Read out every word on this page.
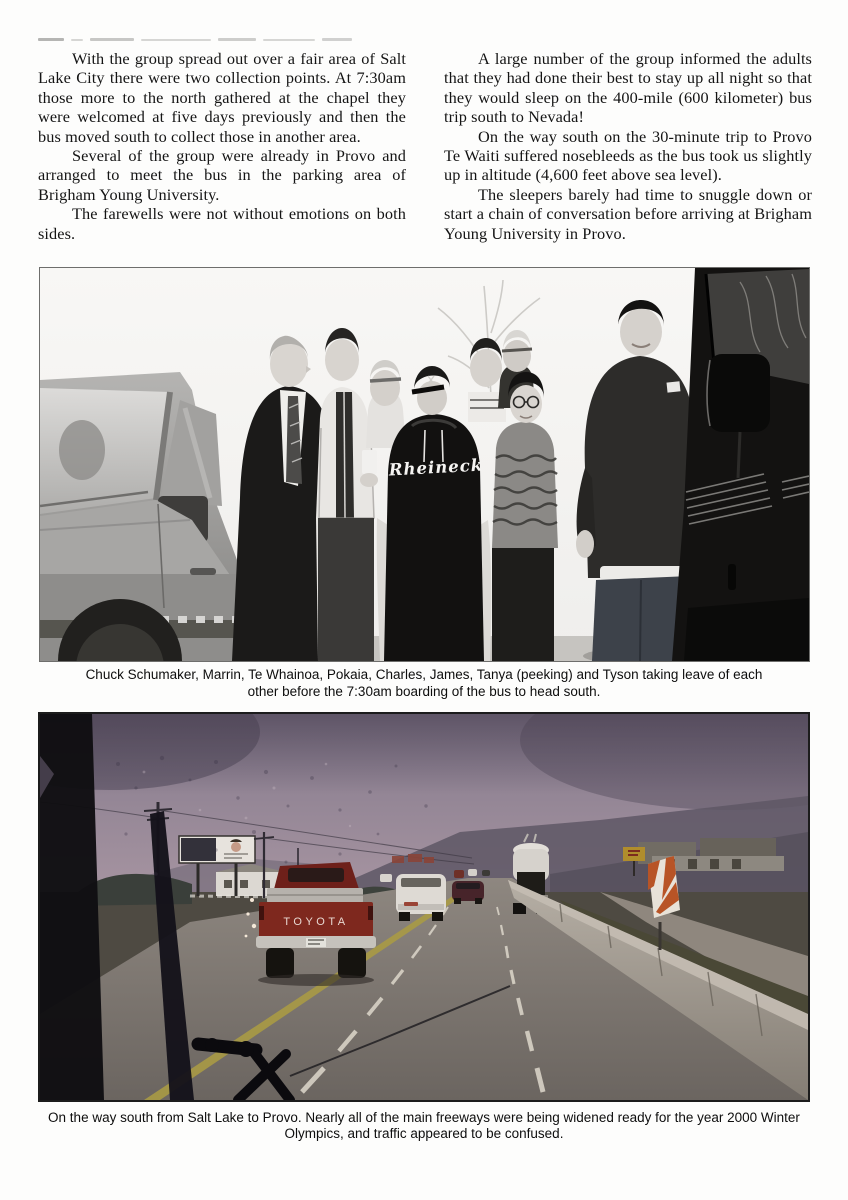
With the group spread out over a fair area of Salt Lake City there were two collection points. At 7:30am those more to the north gathered at the chapel they were welcomed at five days previously and then the bus moved south to collect those in another area.

Several of the group were already in Provo and arranged to meet the bus in the parking area of Brigham Young University.

The farewells were not without emotions on both sides.

A large number of the group informed the adults that they had done their best to stay up all night so that they would sleep on the 400-mile (600 kilometer) bus trip south to Nevada!

On the way south on the 30-minute trip to Provo Te Waiti suffered nosebleeds as the bus took us slightly up in altitude (4,600 feet above sea level).

The sleepers barely had time to snuggle down or start a chain of conversation before arriving at Brigham Young University in Provo.

Rheineck
Chuck Schumaker, Marrin, Te Whainoa, Pokaia, Charles, James, Tanya (peeking) and Tyson taking leave of each other before the 7:30am boarding of the bus to head south.
TOYOTA
On the way south from Salt Lake to Provo. Nearly all of the main freeways were being widened ready for the year 2000 Winter Olympics, and traffic appeared to be confused.
